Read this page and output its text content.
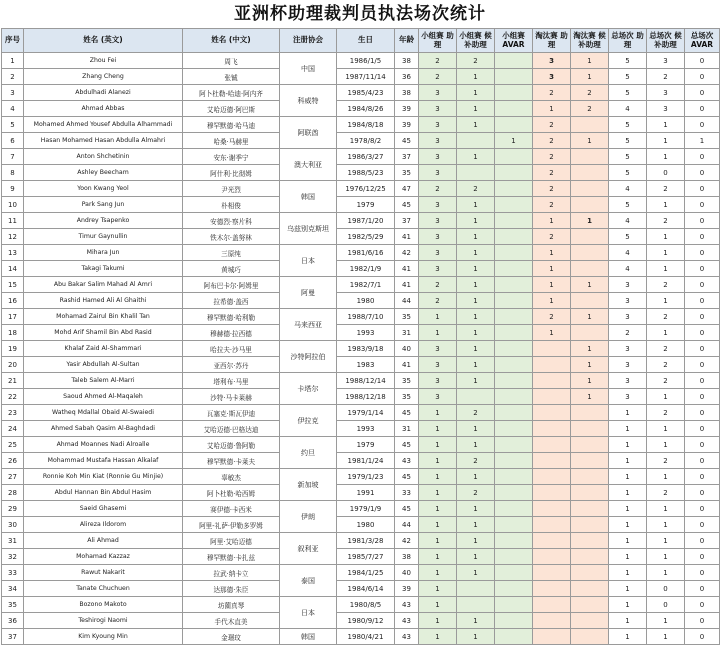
亚洲杯助理裁判员执法场次统计
序号	姓名 (英文)	姓名 (中文)	注册协会	生日	年龄	小组赛 助理	小组赛 候补助理	小组赛 AVAR	淘汰赛 助理	淘汰赛 候补助理	总场次 助理	总场次 候补助理	总场次 AVAR
1	Zhou Fei	周飞	中国	1986/1/5	38	2	2		3	1	5	3	0
2	Zhang Cheng	张铖		1987/11/14	36	2	1		3	1	5	2	0
3	Abdulhadi Alanezi	阿卜杜勒-哈迪·阿内齐	科威特	1985/4/23	38	3	1		2	2	5	3	0
4	Ahmad Abbas	艾哈迈德·阿巴斯		1984/8/26	39	3	1		1	2	4	3	0
5	Mohamed Ahmed Yousef Abdulla Alhammadi	穆罕默德·哈马迪	阿联酋	1984/8/18	39	3	1		2		5	1	0
6	Hasan Mohamed Hasan Abdulla Almahri	哈桑·马赫里		1978/8/2	45	3		1	2	1	5	1	1
7	Anton Shchetinin	安东·谢季宁	澳大利亚	1986/3/27	37	3	1		2		5	1	0
8	Ashley Beecham	阿什利·比彻姆		1988/5/23	35	3			2		5	0	0
9	Yoon Kwang Yeol	尹光烈	韩国	1976/12/25	47	2	2		2		4	2	0
10	Park Sang Jun	朴相俊		1979	45	3	1		2		5	1	0
11	Andrey Tsapenko	安德烈·察片科	乌兹别克斯坦	1987/1/20	37	3	1		1	1	4	2	0
12	Timur Gaynullin	铁木尔·盖努林		1982/5/29	41	3	1		2		5	1	0
13	Mihara Jun	三原纯	日本	1981/6/16	42	3	1		1		4	1	0
14	Takagi Takumi	黄城巧		1982/1/9	41	3	1		1		4	1	0
15	Abu Bakar Salim Mahad Al Amri	阿布巴卡尔·阿姆里	阿曼	1982/7/1	41	2	1		1	1	3	2	0
16	Rashid Hamed Ali Al Ghaithi	拉希德·盖西		1980	44	2	1		1		3	1	0
17	Mohamad Zairul Bin Khalil Tan	穆罕默德·哈利勒	马来西亚	1988/7/10	35	1	1		2	1	3	2	0
18	Mohd Arif Shamil Bin Abd Rasid	穆赫德·拉西德		1993	31	1	1		1		2	1	0
19	Khalaf Zaid Al-Shammari	哈拉夫·沙马里	沙特阿拉伯	1983/9/18	40	3	1			1	3	2	0
20	Yasir Abdullah Al-Sultan	亚西尔·苏丹		1983	41	3	1			1	3	2	0
21	Taleb Salem Al-Marri	塔利布·马里	卡塔尔	1988/12/14	35	3	1			1	3	2	0
22	Saoud Ahmed Al-Maqaleh	沙特·马卡莱赫		1988/12/18	35	3				1	3	1	0
23	Watheq Mdallal Obaid Al-Swaiedi	瓦塞克·斯瓦伊迪	伊拉克	1979/1/14	45	1	2				1	2	0
24	Ahmed Sabah Qasim Al-Baghdadi	艾哈迈德·巴格达迪		1993	31	1	1				1	1	0
25	Ahmad Moannes Nadi Alroalle	艾哈迈德·鲁阿勒	约旦	1979	45	1	1				1	1	0
26	Mohammad Mustafa Hassan Alkalaf	穆罕默德·卡莱夫		1981/1/24	43	1	2				1	2	0
27	Ronnie Koh Min Kiat (Ronnie Gu Minjie)	辜敏杰	新加坡	1979/1/23	45	1	1				1	1	0
28	Abdul Hannan Bin Abdul Hasim	阿卜杜勒·哈西姆		1991	33	1	2				1	2	0
29	Saeid Ghasemi	赛伊德·卡西米	伊朗	1979/1/9	45	1	1				1	1	0
30	Alireza Ildorom	阿里-礼萨·伊勒多罗姆		1980	44	1	1				1	1	0
31	Ali Ahmad	阿里·艾哈迈德	叙利亚	1981/3/28	42	1	1				1	1	0
32	Mohamad Kazzaz	穆罕默德·卡扎兹		1985/7/27	38	1	1				1	1	0
33	Rawut Nakarit	拉武·纳卡立	泰国	1984/1/25	40	1	1				1	1	0
34	Tanate Chuchuen	达那德·朱臣		1984/6/14	39	1					1	0	0
35	Bozono Makoto	坊薗真琴	日本	1980/8/5	43	1					1	0	0
36	Teshirogi Naomi	手代木直美		1980/9/12	43	1	1				1	1	0
37	Kim Kyoung Min	金璟玟	韩国	1980/4/21	43	1	1				1	1	0
